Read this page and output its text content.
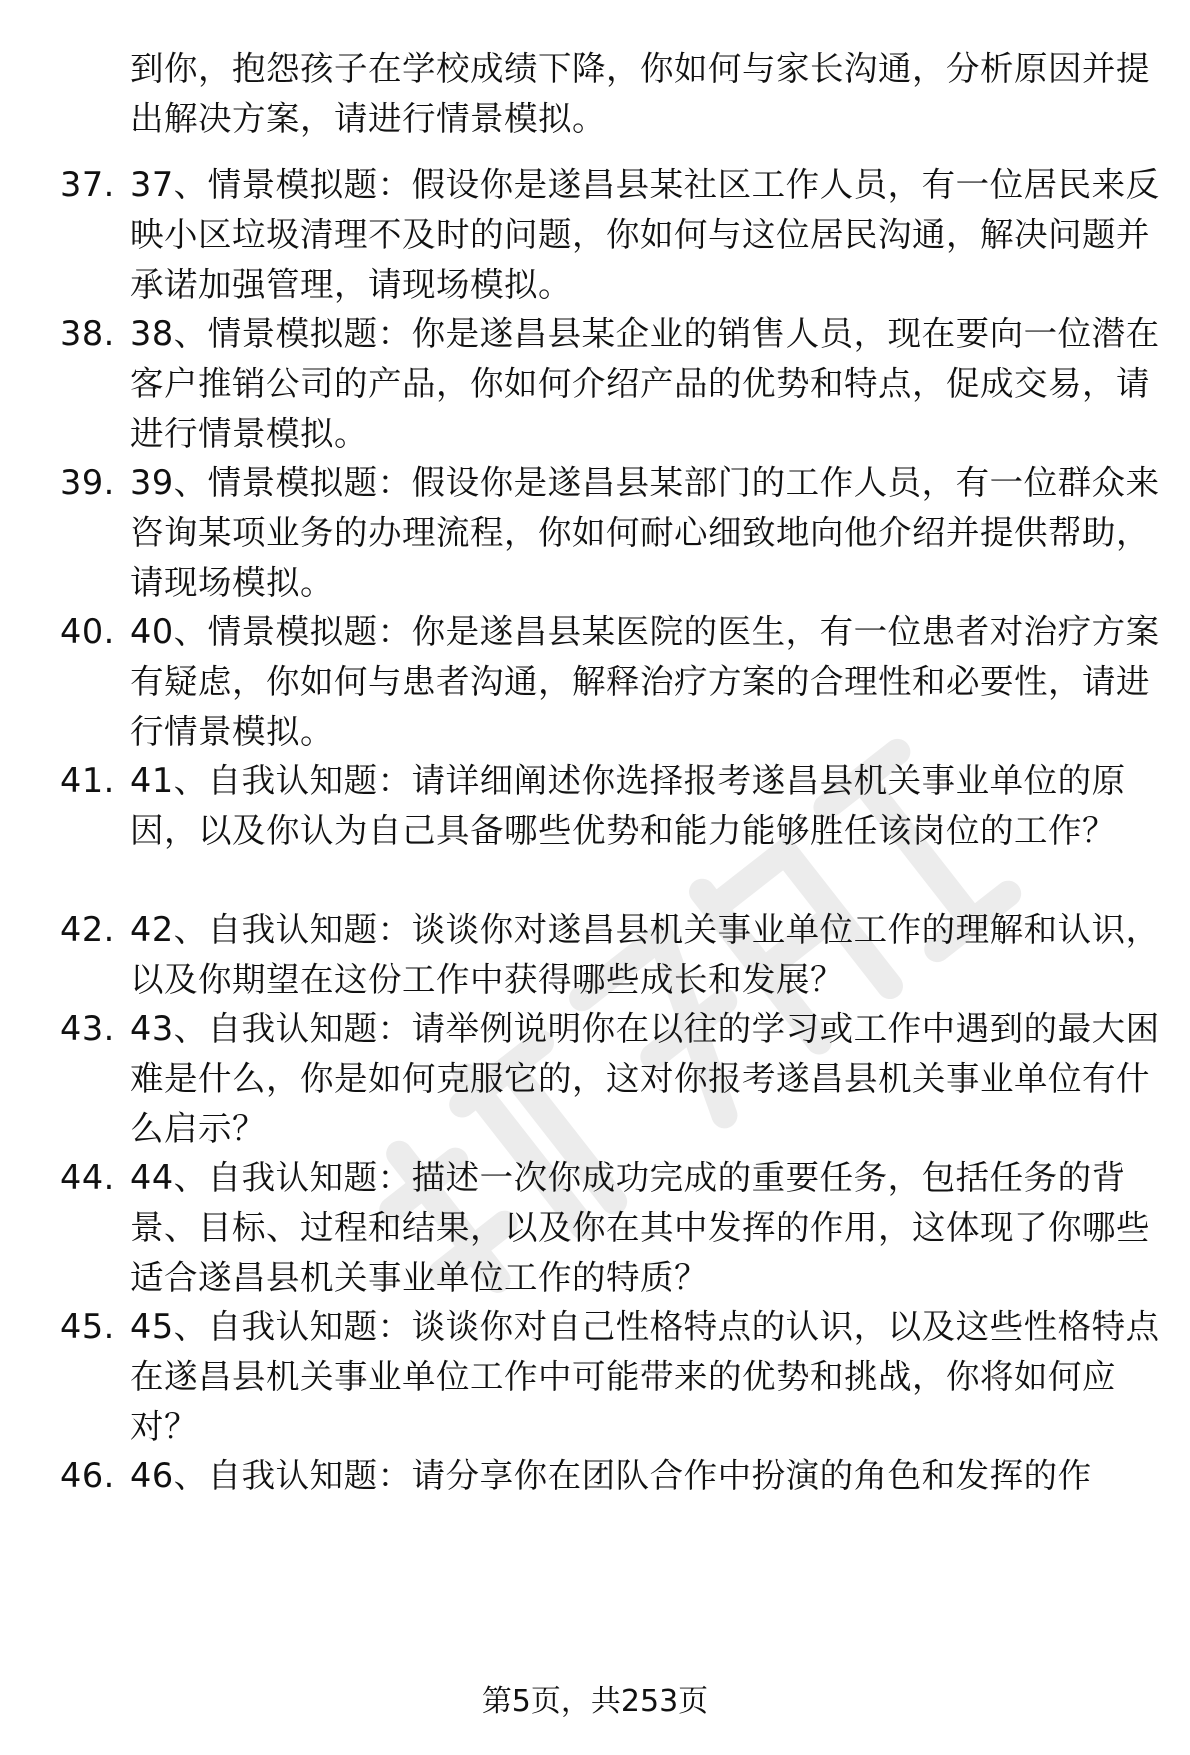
到你，抱怨孩子在学校成绩下降，你如何与家长沟通，分析原因并提出解决方案，请进行情景模拟。
37. 37、情景模拟题：假设你是遂昌县某社区工作人员，有一位居民来反映小区垃圾清理不及时的问题，你如何与这位居民沟通，解决问题并承诺加强管理，请现场模拟。
38. 38、情景模拟题：你是遂昌县某企业的销售人员，现在要向一位潜在客户推销公司的产品，你如何介绍产品的优势和特点，促成交易，请进行情景模拟。
39. 39、情景模拟题：假设你是遂昌县某部门的工作人员，有一位群众来咨询某项业务的办理流程，你如何耐心细致地向他介绍并提供帮助，请现场模拟。
40. 40、情景模拟题：你是遂昌县某医院的医生，有一位患者对治疗方案有疑虑，你如何与患者沟通，解释治疗方案的合理性和必要性，请进行情景模拟。
41. 41、自我认知题：请详细阐述你选择报考遂昌县机关事业单位的原因，以及你认为自己具备哪些优势和能力能够胜任该岗位的工作？
42. 42、自我认知题：谈谈你对遂昌县机关事业单位工作的理解和认识，以及你期望在这份工作中获得哪些成长和发展？
43. 43、自我认知题：请举例说明你在以往的学习或工作中遇到的最大困难是什么，你是如何克服它的，这对你报考遂昌县机关事业单位有什么启示？
44. 44、自我认知题：描述一次你成功完成的重要任务，包括任务的背景、目标、过程和结果，以及你在其中发挥的作用，这体现了你哪些适合遂昌县机关事业单位工作的特质？
45. 45、自我认知题：谈谈你对自己性格特点的认识，以及这些性格特点在遂昌县机关事业单位工作中可能带来的优势和挑战，你将如何应对？
46. 46、自我认知题：请分享你在团队合作中扮演的角色和发挥的作
第5页，共253页
